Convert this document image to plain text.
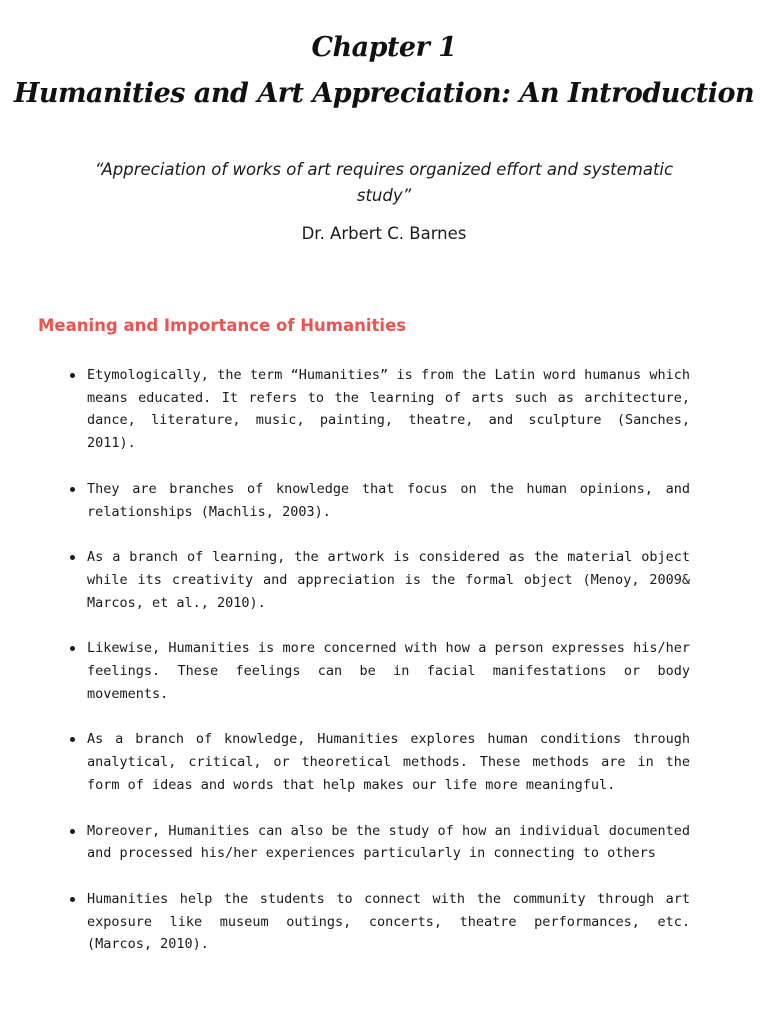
Chapter 1
Humanities and Art Appreciation: An Introduction

“Appreciation of works of art requires organized effort and systematic study”

Dr. Arbert C. Barnes

Meaning and Importance of Humanities
Etymologically, the term “Humanities” is from the Latin word humanus which means educated. It refers to the learning of arts such as architecture, dance, literature, music, painting, theatre, and sculpture (Sanches, 2011).
They are branches of knowledge that focus on the human opinions, and relationships (Machlis, 2003).
As a branch of learning, the artwork is considered as the material object while its creativity and appreciation is the formal object (Menoy, 2009& Marcos, et al., 2010).
Likewise, Humanities is more concerned with how a person expresses his/her feelings. These feelings can be in facial manifestations or body movements.
As a branch of knowledge, Humanities explores human conditions through analytical, critical, or theoretical methods. These methods are in the form of ideas and words that help makes our life more meaningful.
Moreover, Humanities can also be the study of how an individual documented and processed his/her experiences particularly in connecting to others
Humanities help the students to connect with the community through art exposure like museum outings, concerts, theatre performances, etc. (Marcos, 2010).
